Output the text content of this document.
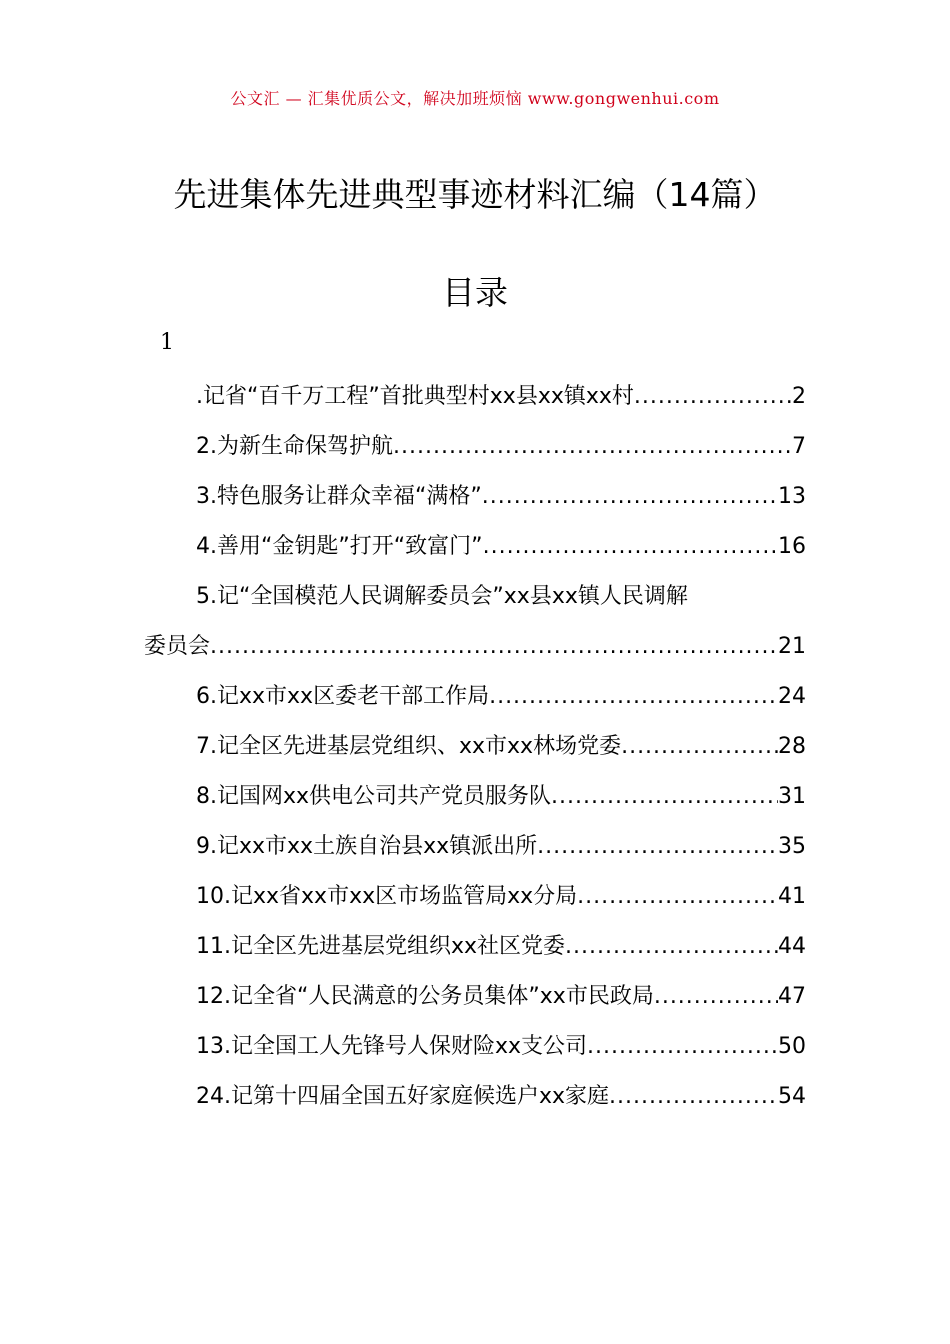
公文汇 — 汇集优质公文，解决加班烦恼 www.gongwenhui.com
先进集体先进典型事迹材料汇编（14篇）
目录
1
.记省“百千万工程”首批典型村xx县xx镇xx村 .....	2
2.为新生命保驾护航 .....	7
3.特色服务让群众幸福“满格” .....	13
4.善用“金钥匙”打开“致富门” .....	16
5.记“全国模范人民调解委员会”xx县xx镇人民调解
委员会 .....	21
6.记xx市xx区委老干部工作局 .....	24
7.记全区先进基层党组织、xx市xx林场党委 .....	28
8.记国网xx供电公司共产党员服务队 .....	31
9.记xx市xx土族自治县xx镇派出所 .....	35
10.记xx省xx市xx区市场监管局xx分局 .....	41
11.记全区先进基层党组织xx社区党委 .....	44
12.记全省“人民满意的公务员集体”xx市民政局 .....	47
13.记全国工人先锋号人保财险xx支公司 .....	50
24.记第十四届全国五好家庭候选户xx家庭 .....	54
